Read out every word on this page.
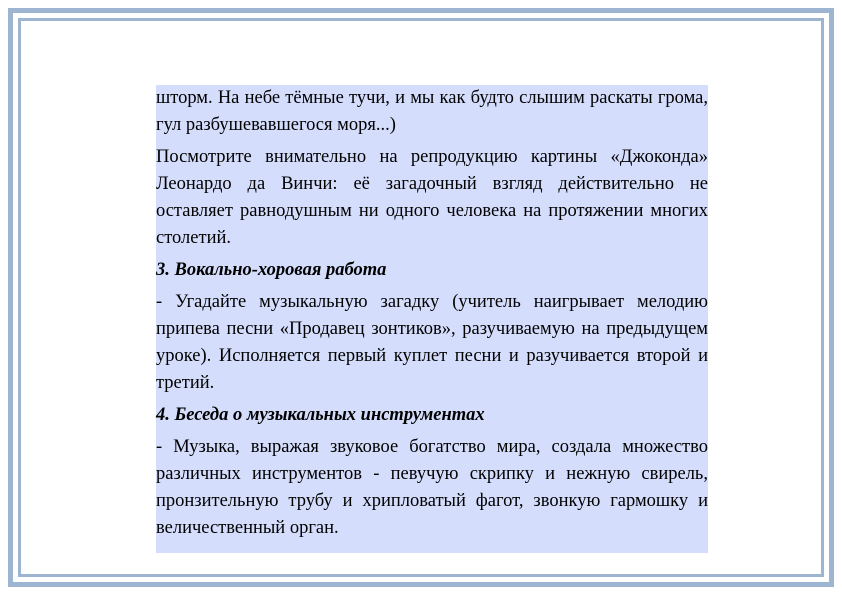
шторм. На небе тёмные тучи, и мы как будто слышим раскаты грома, гул разбушевавшегося моря...)

Посмотрите внимательно на репродукцию картины «Джоконда» Леонардо да Винчи: её загадочный взгляд действительно не оставляет равнодушным ни одного человека на протяжении многих столетий.

3. Вокально-хоровая работа

- Угадайте музыкальную загадку (учитель наигрывает мелодию припева песни «Продавец зонтиков», разучиваемую на предыдущем уроке). Исполняется первый куплет песни и разучивается второй и третий.

4. Беседа о музыкальных инструментах

- Музыка, выражая звуковое богатство мира, создала множество различных инструментов - певучую скрипку и нежную свирель, пронзительную трубу и хрипловатый фагот, звонкую гармошку и величественный орган.
